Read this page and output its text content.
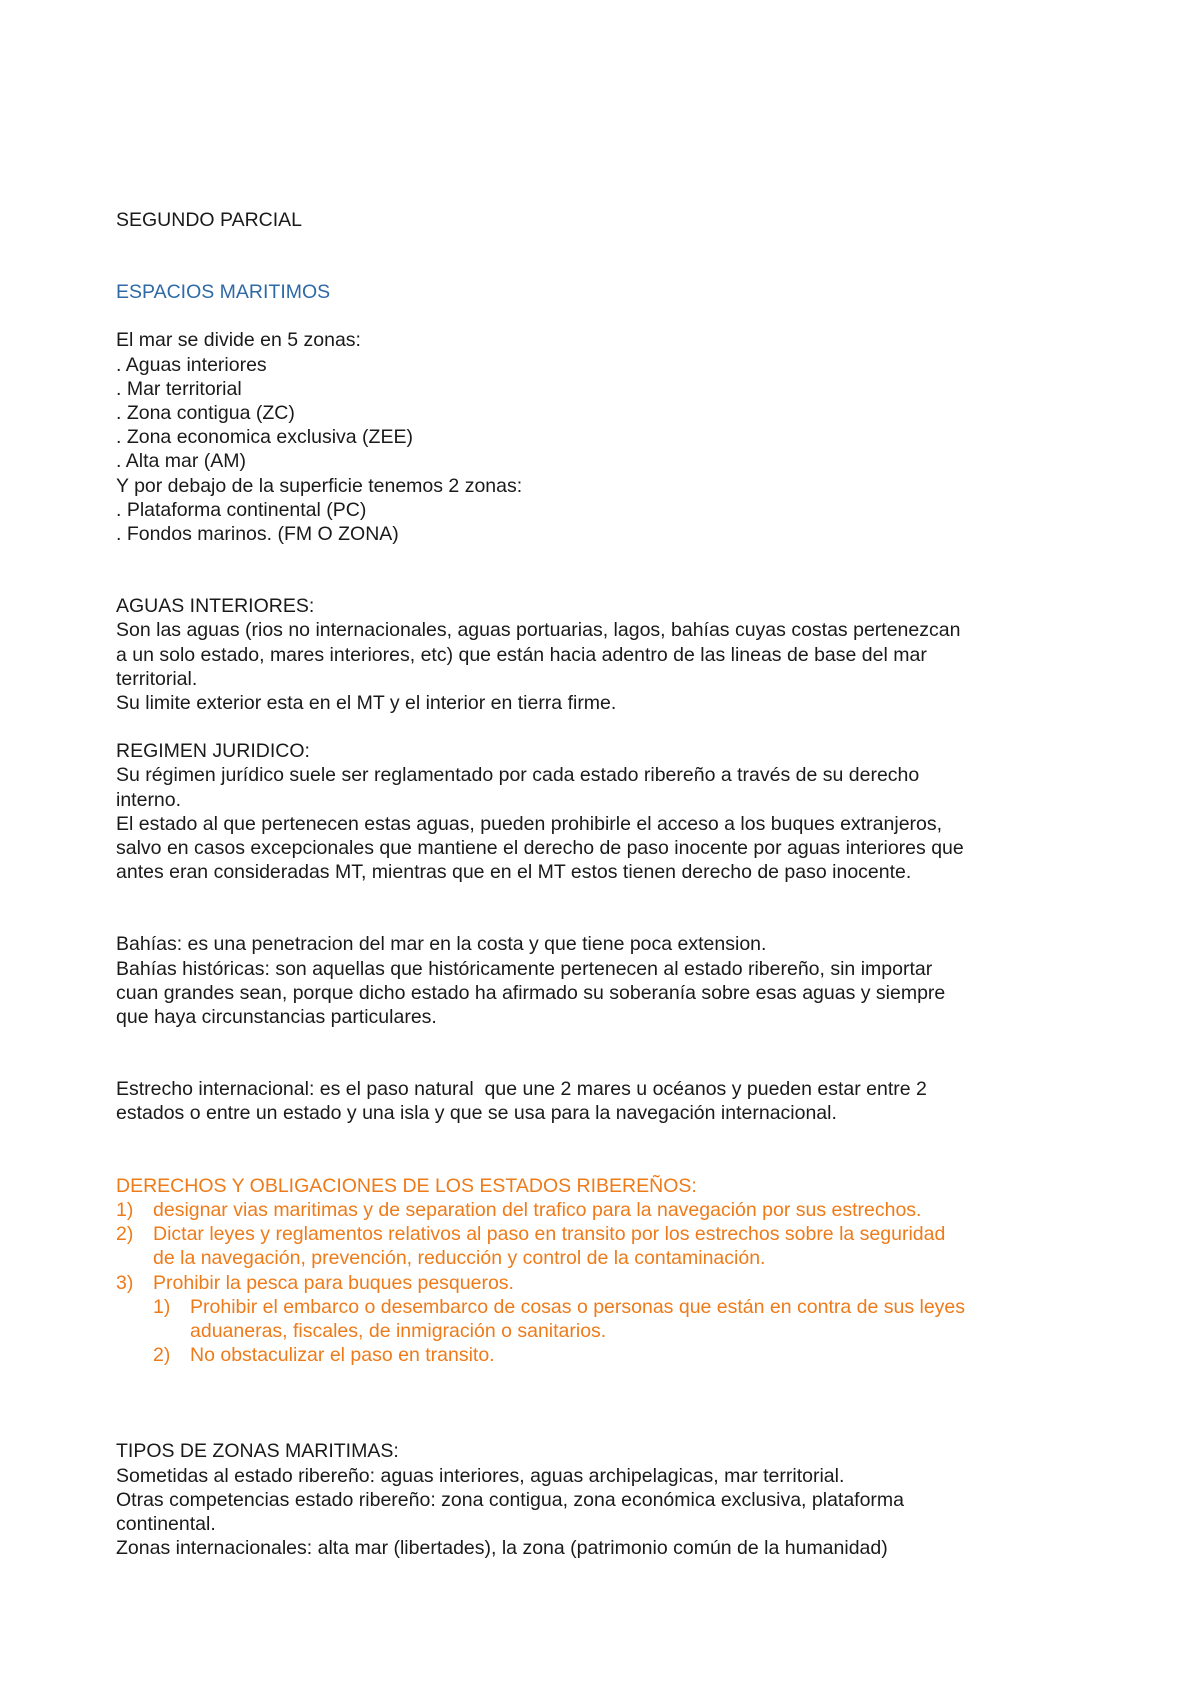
SEGUNDO PARCIAL
ESPACIOS MARITIMOS
El mar se divide en 5 zonas:
. Aguas interiores
. Mar territorial
. Zona contigua (ZC)
. Zona economica exclusiva (ZEE)
. Alta mar (AM)
Y por debajo de la superficie tenemos 2 zonas:
. Plataforma continental (PC)
. Fondos marinos. (FM O ZONA)
AGUAS INTERIORES:
Son las aguas (rios no internacionales, aguas portuarias, lagos, bahías cuyas costas pertenezcan
a un solo estado, mares interiores, etc) que están hacia adentro de las lineas de base del mar
territorial.
Su limite exterior esta en el MT y el interior en tierra firme.
REGIMEN JURIDICO:
Su régimen jurídico suele ser reglamentado por cada estado ribereño a través de su derecho
interno.
El estado al que pertenecen estas aguas, pueden prohibirle el acceso a los buques extranjeros,
salvo en casos excepcionales que mantiene el derecho de paso inocente por aguas interiores que
antes eran consideradas MT, mientras que en el MT estos tienen derecho de paso inocente.
Bahías: es una penetracion del mar en la costa y que tiene poca extension.
Bahías históricas: son aquellas que históricamente pertenecen al estado ribereño, sin importar
cuan grandes sean, porque dicho estado ha afirmado su soberanía sobre esas aguas y siempre
que haya circunstancias particulares.
Estrecho internacional: es el paso natural  que une 2 mares u océanos y pueden estar entre 2
estados o entre un estado y una isla y que se usa para la navegación internacional.
DERECHOS Y OBLIGACIONES DE LOS ESTADOS RIBEREÑOS:
1) designar vias maritimas y de separation del trafico para la navegación por sus estrechos.
2) Dictar leyes y reglamentos relativos al paso en transito por los estrechos sobre la seguridad
de la navegación, prevención, reducción y control de la contaminación.
3) Prohibir la pesca para buques pesqueros.
1) Prohibir el embarco o desembarco de cosas o personas que están en contra de sus leyes
aduaneras, fiscales, de inmigración o sanitarios.
2) No obstaculizar el paso en transito.
TIPOS DE ZONAS MARITIMAS:
Sometidas al estado ribereño: aguas interiores, aguas archipelagicas, mar territorial.
Otras competencias estado ribereño: zona contigua, zona económica exclusiva, plataforma
continental.
Zonas internacionales: alta mar (libertades), la zona (patrimonio común de la humanidad)
